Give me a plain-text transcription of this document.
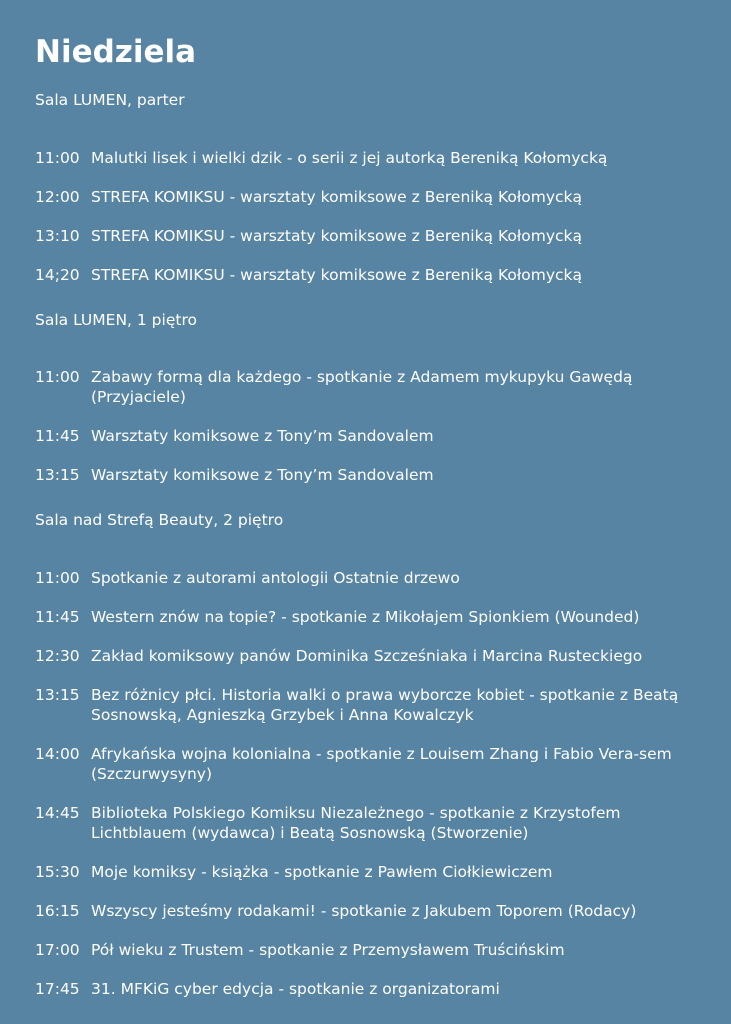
Niedziela
Sala LUMEN, parter
11:00 Malutki lisek i wielki dzik - o serii z jej autorką Bereniką Kołomycką
12:00 STREFA KOMIKSU - warsztaty komiksowe z Bereniką Kołomycką
13:10 STREFA KOMIKSU - warsztaty komiksowe z Bereniką Kołomycką
14;20 STREFA KOMIKSU - warsztaty komiksowe z Bereniką Kołomycką
Sala LUMEN, 1 piętro
11:00 Zabawy formą dla każdego - spotkanie z Adamem mykupyku Gawędą (Przyjaciele)
11:45 Warsztaty komiksowe z Tony’m Sandovalem
13:15 Warsztaty komiksowe z Tony’m Sandovalem
Sala nad Strefą Beauty, 2 piętro
11:00 Spotkanie z autorami antologii Ostatnie drzewo
11:45 Western znów na topie? - spotkanie z Mikołajem Spionkiem (Wounded)
12:30 Zakład komiksowy panów Dominika Szcześniaka i Marcina Rusteckiego
13:15 Bez różnicy płci. Historia walki o prawa wyborcze kobiet - spotkanie z Beatą Sosnowską, Agnieszką Grzybek i Anna Kowalczyk
14:00 Afrykańska wojna kolonialna - spotkanie z Louisem Zhang i Fabio Vera-sem (Szczurwysyny)
14:45 Biblioteka Polskiego Komiksu Niezależnego - spotkanie z Krzystofem Lichtblauem (wydawca) i Beatą Sosnowską (Stworzenie)
15:30 Moje komiksy - książka - spotkanie z Pawłem Ciołkiewiczem
16:15 Wszyscy jesteśmy rodakami! - spotkanie z Jakubem Toporem (Rodacy)
17:00 Pół wieku z Trustem - spotkanie z Przemysławem Truścińskim
17:45 31. MFKiG cyber edycja - spotkanie z organizatorami
